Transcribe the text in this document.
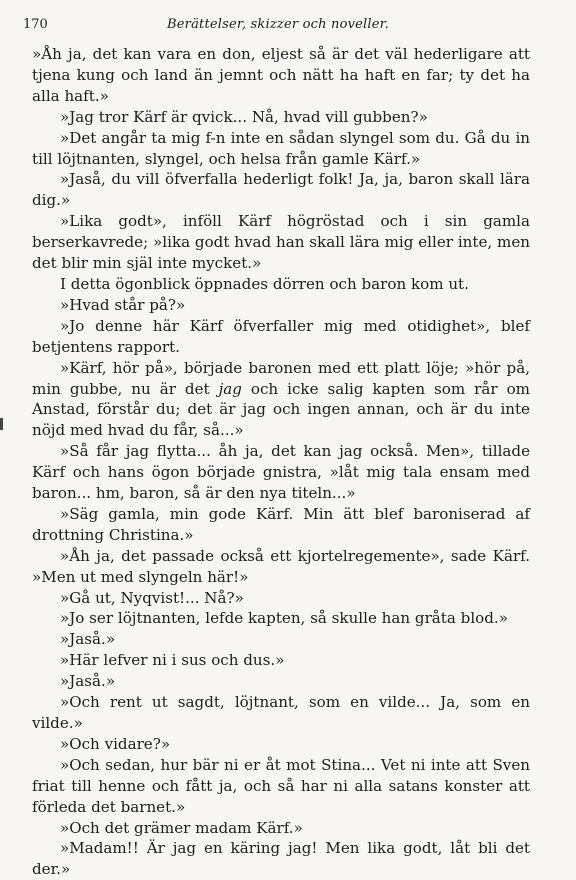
170	Berättelser, skizzer och noveller.

»Åh ja, det kan vara en don, eljest så är det väl hederligare att tjena kung och land än jemnt och nätt ha haft en far; ty det ha alla haft.»

»Jag tror Kärf är qvick... Nå, hvad vill gubben?»

»Det angår ta mig f-n inte en sådan slyngel som du. Gå du in till löjtnanten, slyngel, och helsa från gamle Kärf.»

»Jaså, du vill öfverfalla hederligt folk! Ja, ja, baron skall lära dig.»

»Lika godt», inföll Kärf högröstad och i sin gamla berserkavrede; »lika godt hvad han skall lära mig eller inte, men det blir min själ inte mycket.»

I detta ögonblick öppnades dörren och baron kom ut.

»Hvad står på?»

»Jo denne här Kärf öfverfaller mig med otidighet», blef betjentens rapport.

»Kärf, hör på», började baronen med ett platt löje; »hör på, min gubbe, nu är det jag och icke salig kapten som rår om Anstad, förstår du; det är jag och ingen annan, och är du inte nöjd med hvad du får, så...»

»Så får jag flytta... åh ja, det kan jag också. Men», tillade Kärf och hans ögon började gnistra, »låt mig tala ensam med baron... hm, baron, så är den nya titeln...»

»Säg gamla, min gode Kärf. Min ätt blef baroniserad af drottning Christina.»

»Åh ja, det passade också ett kjortelregemente», sade Kärf. »Men ut med slyngeln här!»

»Gå ut, Nyqvist!... Nå?»

»Jo ser löjtnanten, lefde kapten, så skulle han gråta blod.»

»Jaså.»

»Här lefver ni i sus och dus.»

»Jaså.»

»Och rent ut sagdt, löjtnant, som en vilde... Ja, som en vilde.»

»Och vidare?»

»Och sedan, hur bär ni er åt mot Stina... Vet ni inte att Sven friat till henne och fått ja, och så har ni alla satans konster att förleda det barnet.»

»Och det grämer madam Kärf.»

»Madam!! Är jag en käring jag! Men lika godt, låt bli det der.»
